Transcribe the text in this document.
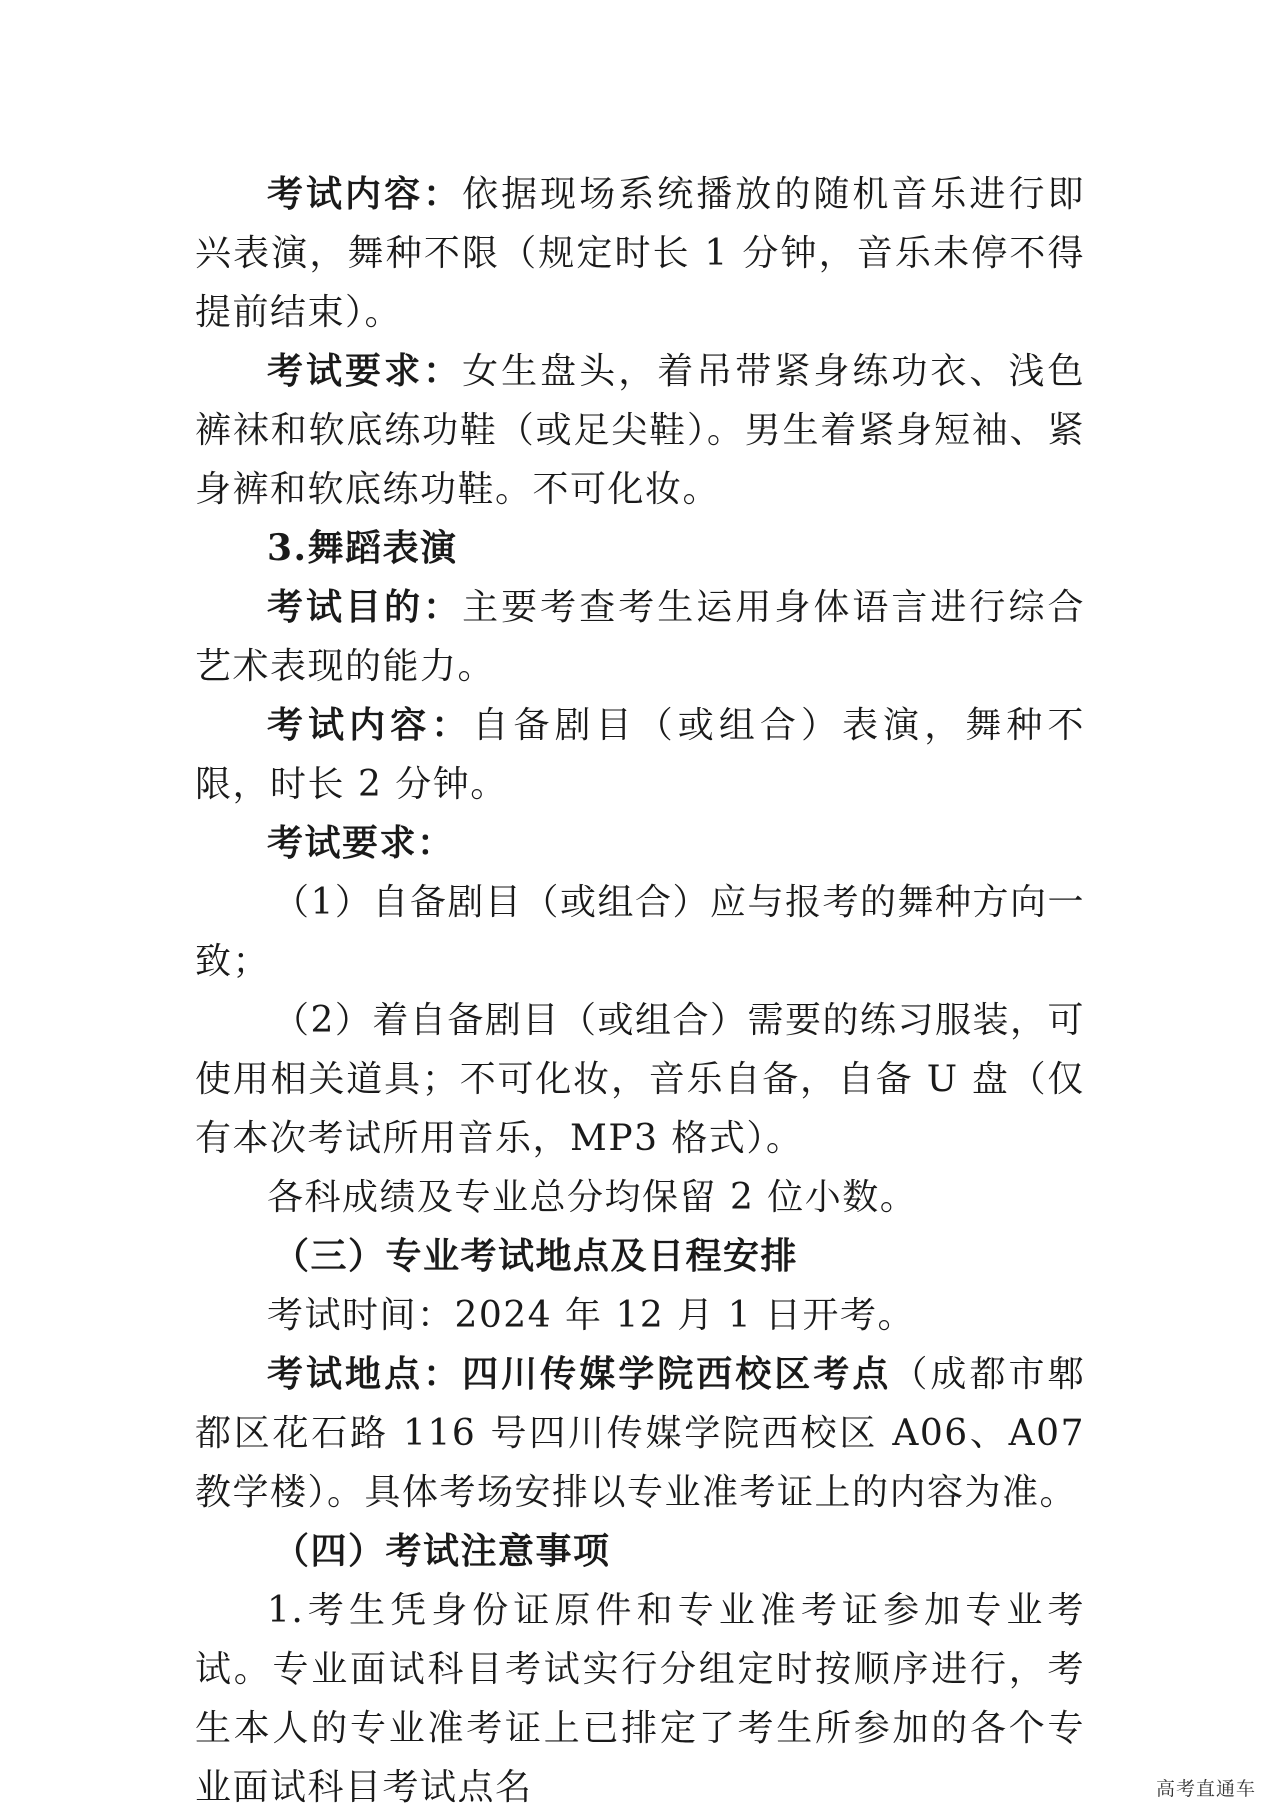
考试内容：依据现场系统播放的随机音乐进行即兴表演，舞种不限（规定时长 1 分钟，音乐未停不得提前结束）。

考试要求：女生盘头，着吊带紧身练功衣、浅色裤袜和软底练功鞋（或足尖鞋）。男生着紧身短袖、紧身裤和软底练功鞋。不可化妆。

3.舞蹈表演

考试目的：主要考查考生运用身体语言进行综合艺术表现的能力。

考试内容：自备剧目（或组合）表演，舞种不限，时长 2 分钟。

考试要求：

（1）自备剧目（或组合）应与报考的舞种方向一致；

（2）着自备剧目（或组合）需要的练习服装，可使用相关道具；不可化妆，音乐自备，自备 U 盘（仅有本次考试所用音乐，MP3 格式）。

各科成绩及专业总分均保留 2 位小数。

（三）专业考试地点及日程安排

考试时间：2024 年 12 月 1 日开考。

考试地点：四川传媒学院西校区考点（成都市郫都区花石路 116 号四川传媒学院西校区 A06、A07 教学楼）。具体考场安排以专业准考证上的内容为准。

（四）考试注意事项

1.考生凭身份证原件和专业准考证参加专业考试。专业面试科目考试实行分组定时按顺序进行，考生本人的专业准考证上已排定了考生所参加的各个专业面试科目考试点名	高考直通车
